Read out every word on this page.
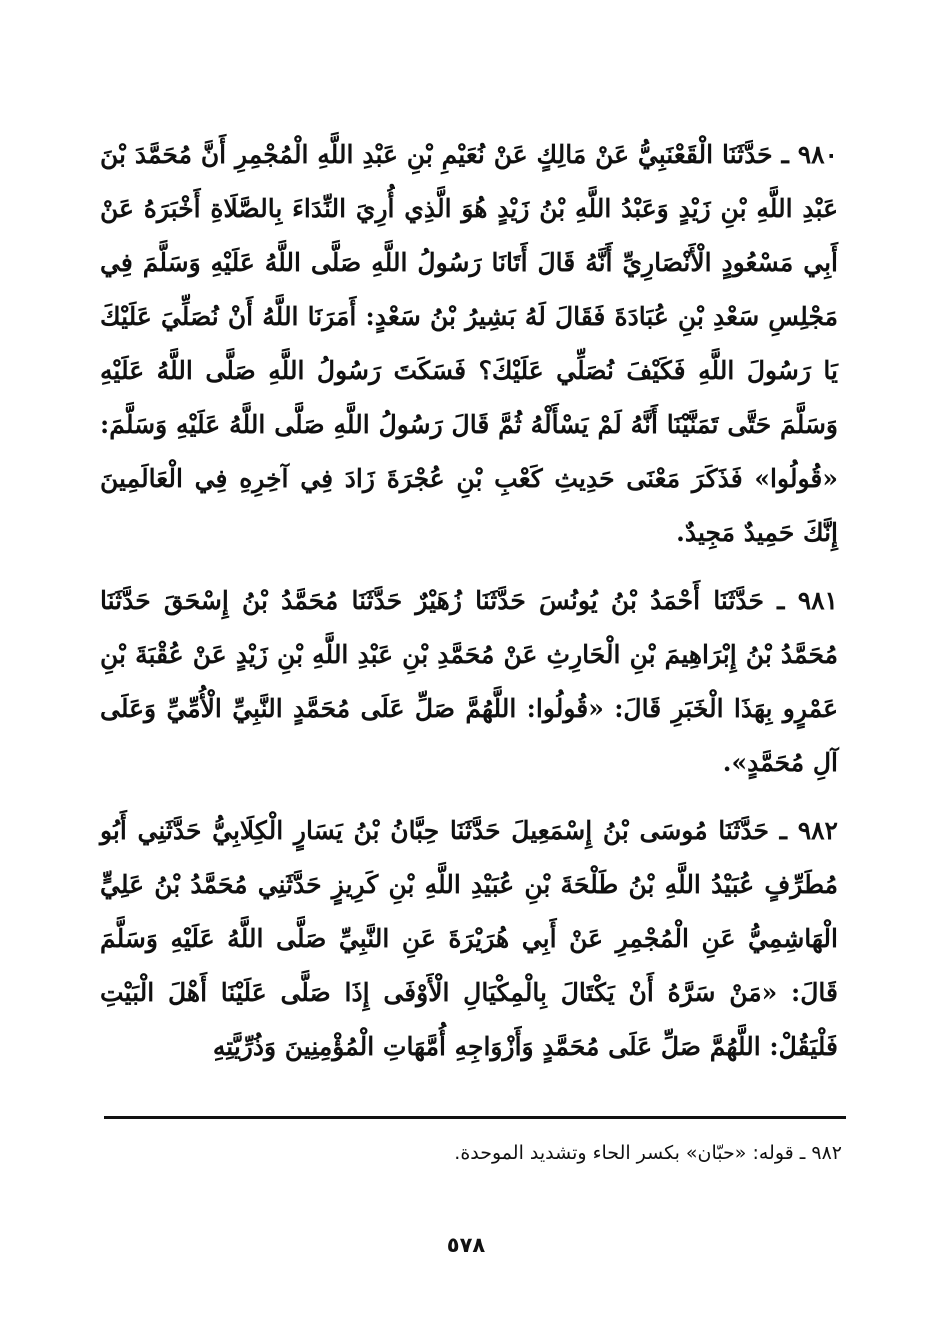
٩٨٠ ـ حَدَّثَنَا الْقَعْنَبِيُّ عَنْ مَالِكٍ عَنْ نُعَيْمِ بْنِ عَبْدِ اللَّهِ الْمُجْمِرِ أَنَّ مُحَمَّدَ بْنَ عَبْدِ اللَّهِ بْنِ زَيْدٍ وَعَبْدُ اللَّهِ بْنُ زَيْدٍ هُوَ الَّذِي أُرِيَ النِّدَاءَ بِالصَّلَاةِ أَخْبَرَهُ عَنْ أَبِي مَسْعُودٍ الْأَنْصَارِيِّ أَنَّهُ قَالَ أَتَانَا رَسُولُ اللَّهِ صَلَّى اللَّهُ عَلَيْهِ وَسَلَّمَ فِي مَجْلِسِ سَعْدِ بْنِ عُبَادَةَ فَقَالَ لَهُ بَشِيرُ بْنُ سَعْدٍ: أَمَرَنَا اللَّهُ أَنْ نُصَلِّيَ عَلَيْكَ يَا رَسُولَ اللَّهِ فَكَيْفَ نُصَلِّي عَلَيْكَ؟ فَسَكَتَ رَسُولُ اللَّهِ صَلَّى اللَّهُ عَلَيْهِ وَسَلَّمَ حَتَّى تَمَنَّيْنَا أَنَّهُ لَمْ يَسْأَلْهُ ثُمَّ قَالَ رَسُولُ اللَّهِ صَلَّى اللَّهُ عَلَيْهِ وَسَلَّمَ: «قُولُوا» فَذَكَرَ مَعْنَى حَدِيثِ كَعْبِ بْنِ عُجْرَةَ زَادَ فِي آخِرِهِ فِي الْعَالَمِينَ إِنَّكَ حَمِيدٌ مَجِيدٌ.

٩٨١ ـ حَدَّثَنَا أَحْمَدُ بْنُ يُونُسَ حَدَّثَنَا زُهَيْرٌ حَدَّثَنَا مُحَمَّدُ بْنُ إِسْحَقَ حَدَّثَنَا مُحَمَّدُ بْنُ إِبْرَاهِيمَ بْنِ الْحَارِثِ عَنْ مُحَمَّدِ بْنِ عَبْدِ اللَّهِ بْنِ زَيْدٍ عَنْ عُقْبَةَ بْنِ عَمْرٍو بِهَذَا الْخَبَرِ قَالَ: «قُولُوا: اللَّهُمَّ صَلِّ عَلَى مُحَمَّدٍ النَّبِيِّ الْأُمِّيِّ وَعَلَى آلِ مُحَمَّدٍ».

٩٨٢ ـ حَدَّثَنَا مُوسَى بْنُ إِسْمَعِيلَ حَدَّثَنَا حِبَّانُ بْنُ يَسَارٍ الْكِلَابِيُّ حَدَّثَنِي أَبُو مُطَرِّفٍ عُبَيْدُ اللَّهِ بْنُ طَلْحَةَ بْنِ عُبَيْدِ اللَّهِ بْنِ كَرِيزٍ حَدَّثَنِي مُحَمَّدُ بْنُ عَلِيٍّ الْهَاشِمِيُّ عَنِ الْمُجْمِرِ عَنْ أَبِي هُرَيْرَةَ عَنِ النَّبِيِّ صَلَّى اللَّهُ عَلَيْهِ وَسَلَّمَ قَالَ: «مَنْ سَرَّهُ أَنْ يَكْتَالَ بِالْمِكْيَالِ الْأَوْفَى إِذَا صَلَّى عَلَيْنَا أَهْلَ الْبَيْتِ فَلْيَقُلْ: اللَّهُمَّ صَلِّ عَلَى مُحَمَّدٍ وَأَزْوَاجِهِ أُمَّهَاتِ الْمُؤْمِنِينَ وَذُرِّيَّتِهِ

٩٨٢ ـ قوله: «حبّان» بكسر الحاء وتشديد الموحدة.
٥٧٨
